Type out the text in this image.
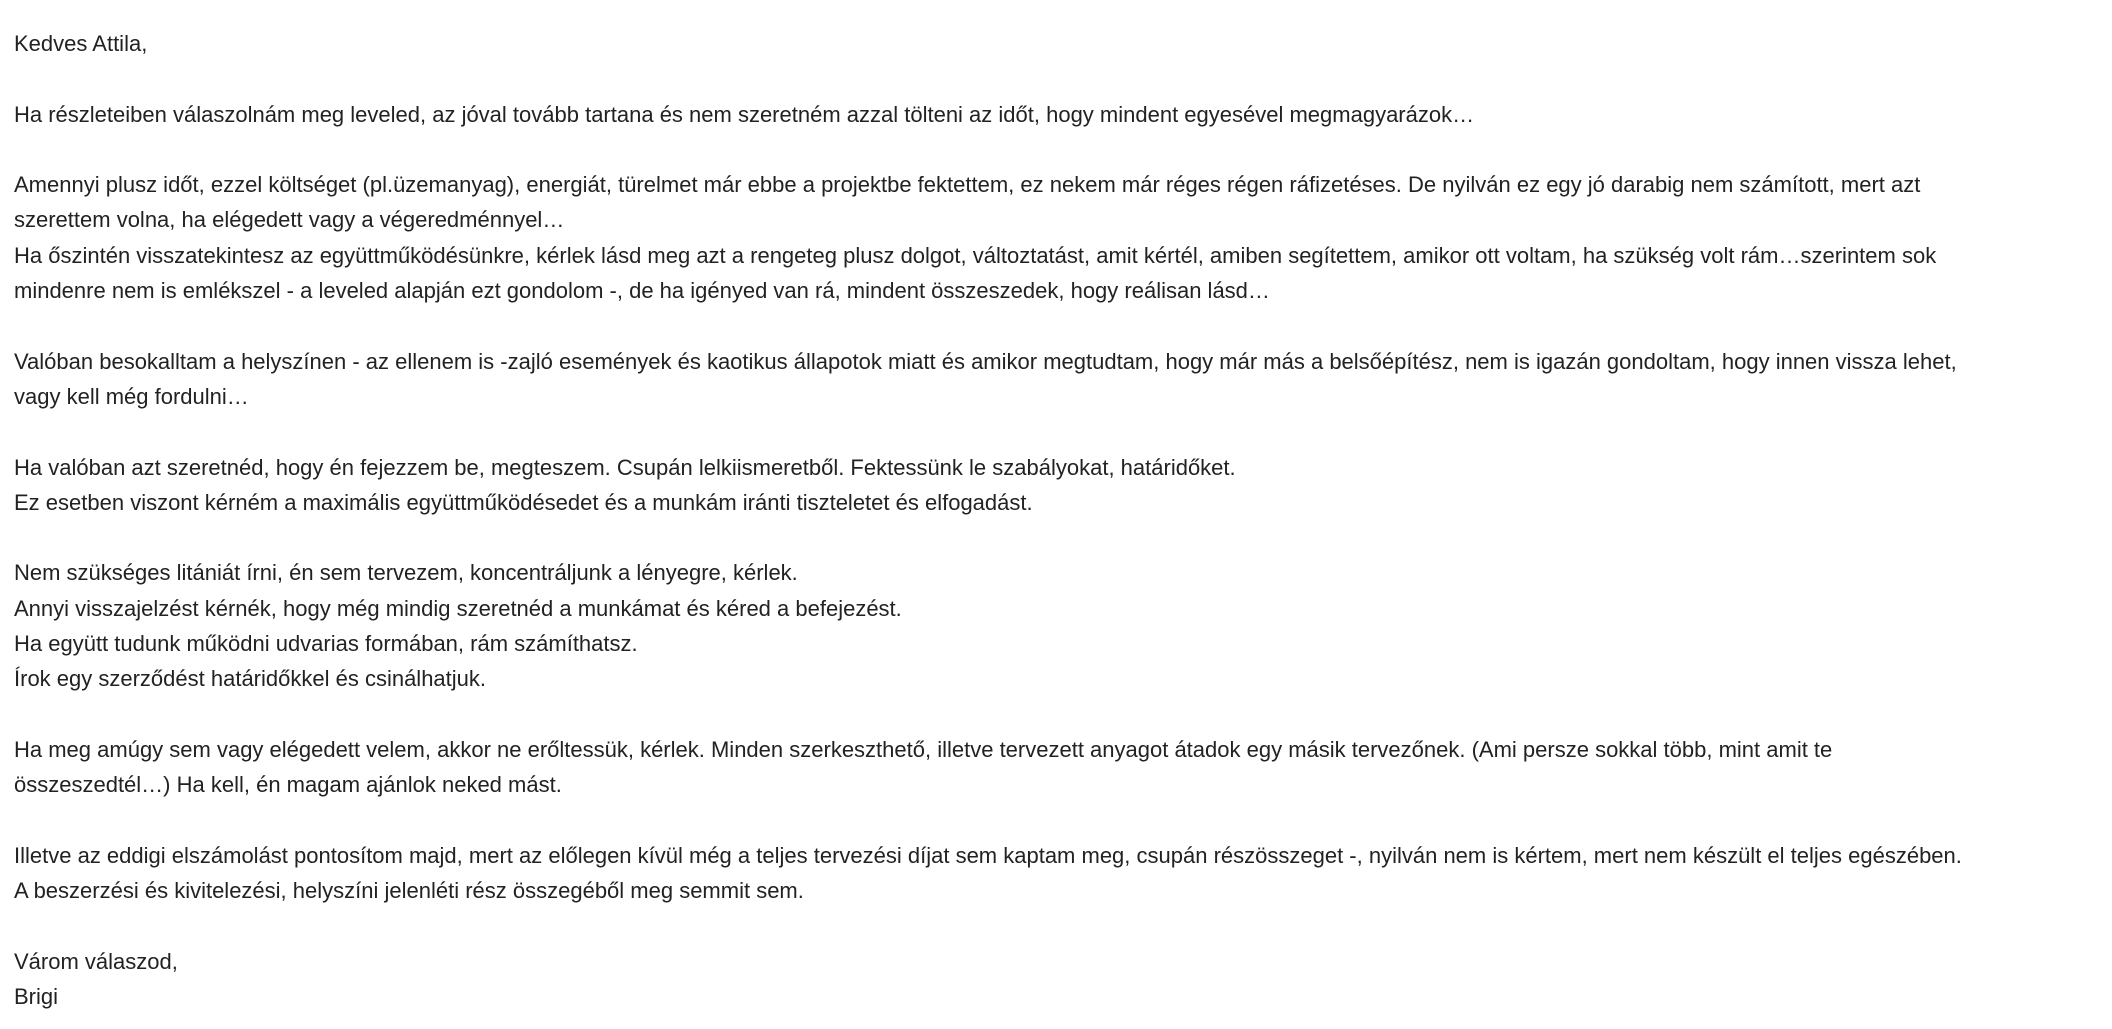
Kedves Attila,
Ha részleteiben válaszolnám meg leveled, az jóval tovább tartana és nem szeretném azzal tölteni az időt, hogy mindent egyesével megmagyarázok…
Amennyi plusz időt, ezzel költséget (pl.üzemanyag), energiát, türelmet már ebbe a projektbe fektettem, ez nekem már réges régen ráfizetéses. De nyilván ez egy jó darabig nem számított, mert azt
szerettem volna, ha elégedett vagy a végeredménnyel…
Ha őszintén visszatekintesz az együttműködésünkre, kérlek lásd meg azt a rengeteg plusz dolgot, változtatást, amit kértél, amiben segítettem, amikor ott voltam, ha szükség volt rám…szerintem sok
mindenre nem is emlékszel - a leveled alapján ezt gondolom -, de ha igényed van rá, mindent összeszedek, hogy reálisan lásd…
Valóban besokalltam a helyszínen - az ellenem is -zajló események és kaotikus állapotok miatt és amikor megtudtam, hogy már más a belsőépítész, nem is igazán gondoltam, hogy innen vissza lehet,
vagy kell még fordulni…
Ha valóban azt szeretnéd, hogy én fejezzem be, megteszem. Csupán lelkiismeretből. Fektessünk le szabályokat, határidőket.
Ez esetben viszont kérném a maximális együttműködésedet és a munkám iránti tiszteletet és elfogadást.
Nem szükséges litániát írni, én sem tervezem, koncentráljunk a lényegre, kérlek.
Annyi visszajelzést kérnék, hogy még mindig szeretnéd a munkámat és kéred a befejezést.
Ha együtt tudunk működni udvarias formában, rám számíthatsz.
Írok egy szerződést határidőkkel és csinálhatjuk.
Ha meg amúgy sem vagy elégedett velem, akkor ne erőltessük, kérlek. Minden szerkeszthető, illetve tervezett anyagot átadok egy másik tervezőnek. (Ami persze sokkal több, mint amit te
összeszedtél…) Ha kell, én magam ajánlok neked mást.
Illetve az eddigi elszámolást pontosítom majd, mert az előlegen kívül még a teljes tervezési díjat sem kaptam meg, csupán részösszeget -, nyilván nem is kértem, mert nem készült el teljes egészében.
A beszerzési és kivitelezési, helyszíni jelenléti rész összegéből meg semmit sem.
Várom válaszod,
Brigi
